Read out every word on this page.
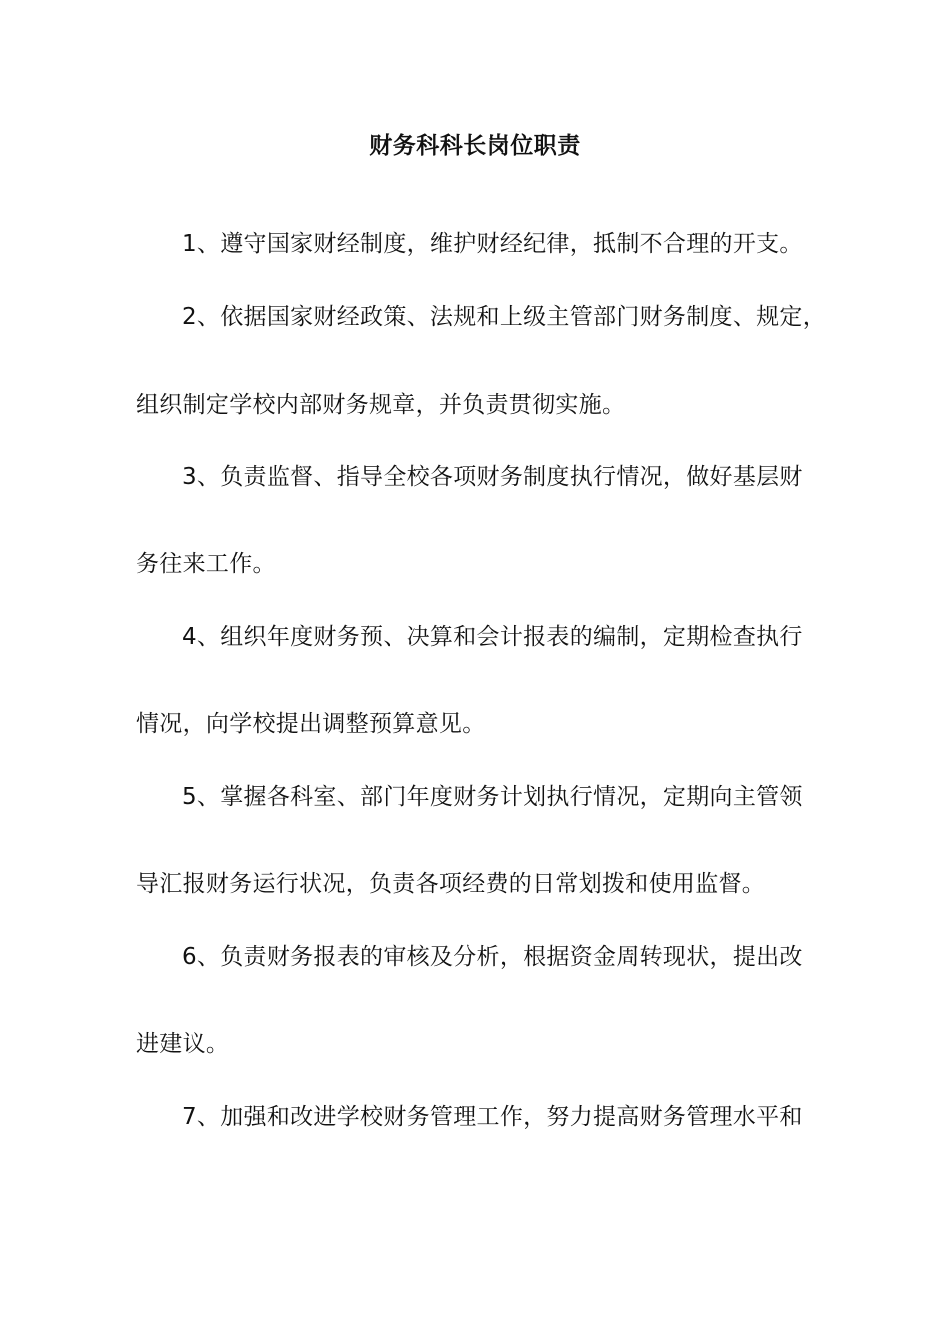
财务科科长岗位职责
1、遵守国家财经制度，维护财经纪律，抵制不合理的开支。
2、依据国家财经政策、法规和上级主管部门财务制度、规定，
组织制定学校内部财务规章，并负责贯彻实施。
3、负责监督、指导全校各项财务制度执行情况，做好基层财
务往来工作。
4、组织年度财务预、决算和会计报表的编制，定期检查执行
情况，向学校提出调整预算意见。
5、掌握各科室、部门年度财务计划执行情况，定期向主管领
导汇报财务运行状况，负责各项经费的日常划拨和使用监督。
6、负责财务报表的审核及分析，根据资金周转现状，提出改
进建议。
7、加强和改进学校财务管理工作，努力提高财务管理水平和
